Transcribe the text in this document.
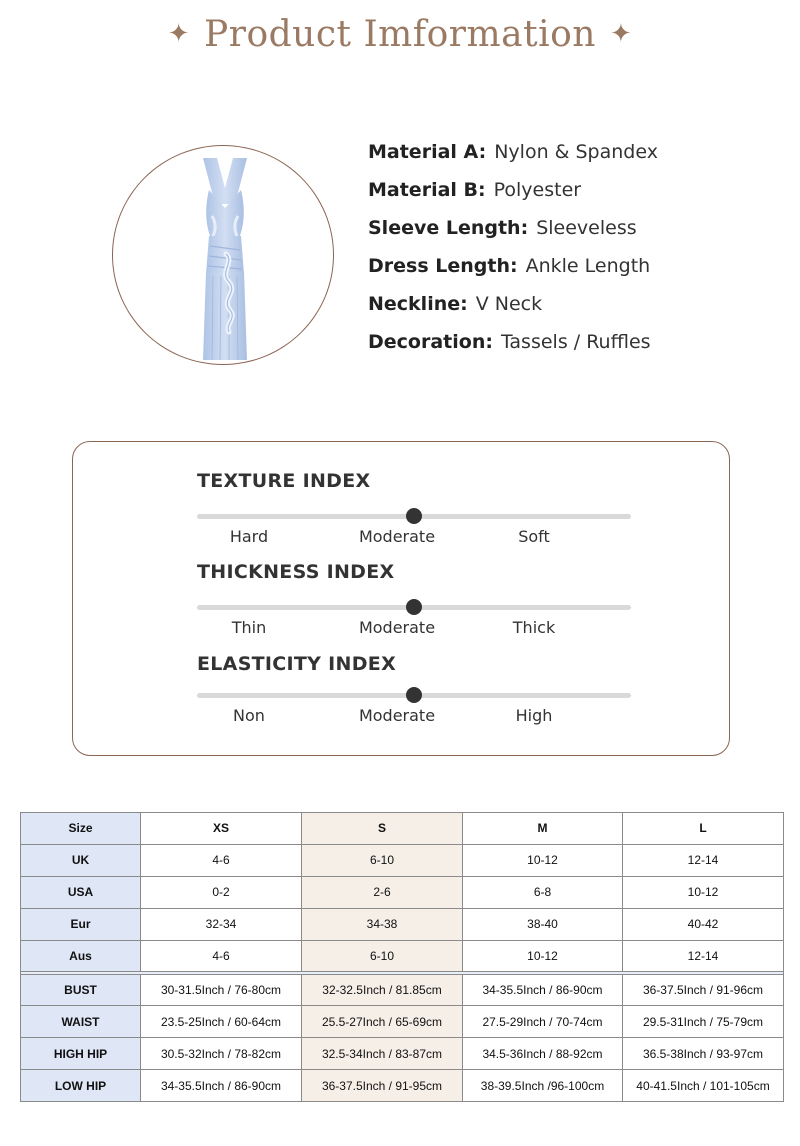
✦ Product Imformation ✦
Material A: Nylon & Spandex
Material B: Polyester
Sleeve Length: Sleeveless
Dress Length: Ankle Length
Neckline: V Neck
Decoration: Tassels / Ruffles
TEXTURE INDEX
Hard	Moderate	Soft
THICKNESS INDEX
Thin	Moderate	Thick
ELASTICITY INDEX
Non	Moderate	High
Size	XS	S	M	L
UK	4-6	6-10	10-12	12-14
USA	0-2	2-6	6-8	10-12
Eur	32-34	34-38	38-40	40-42
Aus	4-6	6-10	10-12	12-14

BUST	30-31.5Inch / 76-80cm	32-32.5Inch / 81.85cm	34-35.5Inch / 86-90cm	36-37.5Inch / 91-96cm
WAIST	23.5-25Inch / 60-64cm	25.5-27Inch / 65-69cm	27.5-29Inch / 70-74cm	29.5-31Inch / 75-79cm
HIGH HIP	30.5-32Inch / 78-82cm	32.5-34Inch / 83-87cm	34.5-36Inch / 88-92cm	36.5-38Inch / 93-97cm
LOW HIP	34-35.5Inch / 86-90cm	36-37.5Inch / 91-95cm	38-39.5Inch /96-100cm	40-41.5Inch / 101-105cm
